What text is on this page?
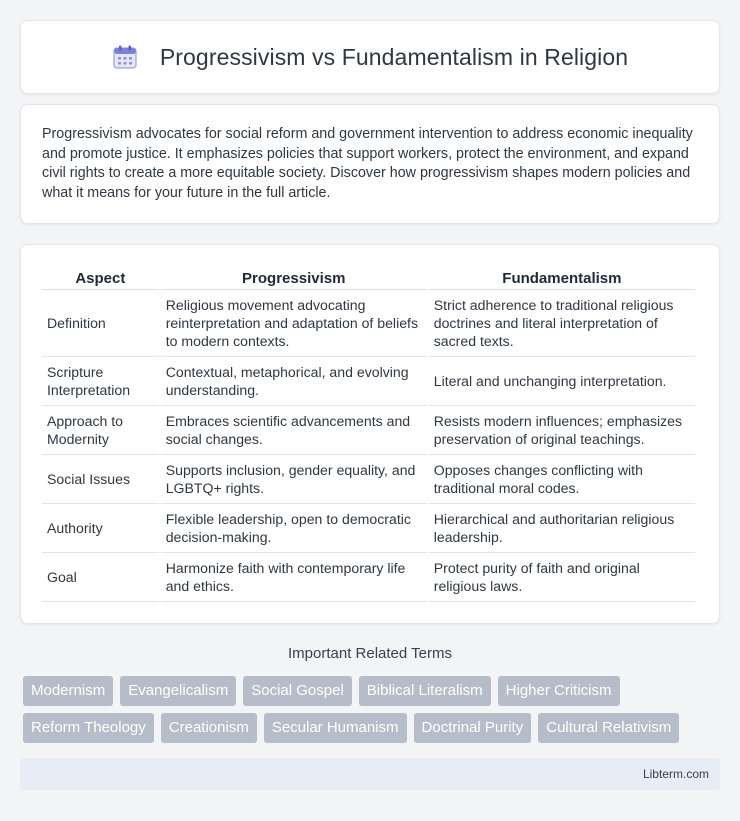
Progressivism vs Fundamentalism in Religion

Progressivism advocates for social reform and government intervention to address economic inequality and promote justice. It emphasizes policies that support workers, protect the environment, and expand civil rights to create a more equitable society. Discover how progressivism shapes modern policies and what it means for your future in the full article.

Aspect	Progressivism	Fundamentalism
Definition	Religious movement advocating reinterpretation and adaptation of beliefs to modern contexts.	Strict adherence to traditional religious doctrines and literal interpretation of sacred texts.
Scripture Interpretation	Contextual, metaphorical, and evolving understanding.	Literal and unchanging interpretation.
Approach to Modernity	Embraces scientific advancements and social changes.	Resists modern influences; emphasizes preservation of original teachings.
Social Issues	Supports inclusion, gender equality, and LGBTQ+ rights.	Opposes changes conflicting with traditional moral codes.
Authority	Flexible leadership, open to democratic decision-making.	Hierarchical and authoritarian religious leadership.
Goal	Harmonize faith with contemporary life and ethics.	Protect purity of faith and original religious laws.
Important Related Terms
Modernism	Evangelicalism	Social Gospel	Biblical Literalism	Higher Criticism
Reform Theology	Creationism	Secular Humanism	Doctrinal Purity	Cultural Relativism
Libterm.com
